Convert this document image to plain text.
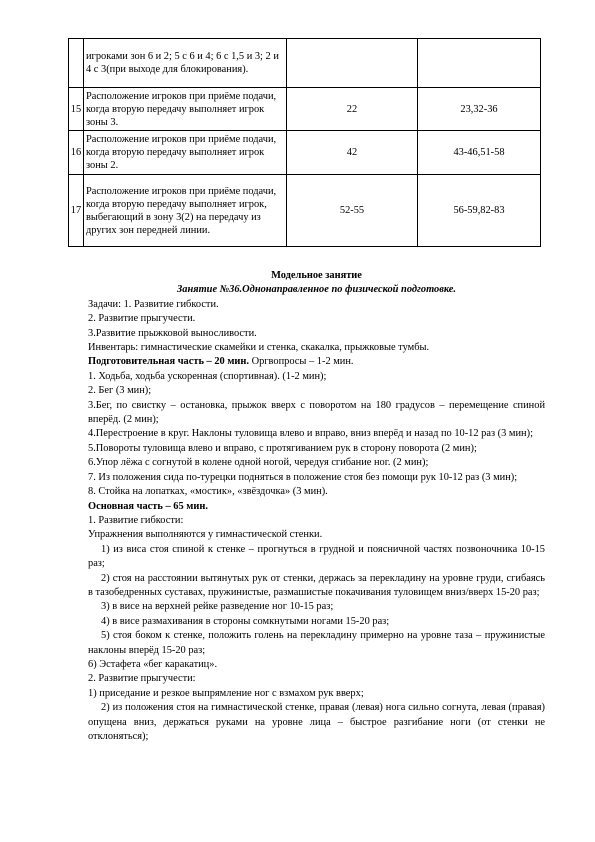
	игроками зон 6 и 2; 5 с 6 и 4; 6 с 1,5 и 3; 2 и 4 с 3(при выходе для блокирования).		
15	Расположение игроков при приёме подачи, когда вторую передачу выполняет игрок зоны 3.	22	23,32-36
16	Расположение игроков при приёме подачи, когда вторую передачу выполняет игрок зоны 2.	42	43-46,51-58
17	Расположение игроков при приёме подачи, когда вторую передачу выполняет игрок, выбегающий в зону 3(2) на передачу из других зон передней линии.	52-55	56-59,82-83

Модельное занятие

Занятие №36.Однонаправленное по физической подготовке.

Задачи: 1. Развитие гибкости.

2. Развитие прыгучести.

3.Развитие прыжковой выносливости.

Инвентарь: гимнастические скамейки и стенка, скакалка, прыжковые тумбы.

Подготовительная часть – 20 мин. Оргвопросы – 1-2 мин.

1. Ходьба, ходьба ускоренная (спортивная). (1-2 мин);

2. Бег (3 мин);

3.Бег, по свистку – остановка, прыжок вверх с поворотом на 180 градусов – перемещение спиной вперёд. (2 мин);

4.Перестроение в круг. Наклоны туловища влево и вправо, вниз вперёд и назад по 10-12 раз (3 мин);

5.Повороты туловища влево и вправо, с протягиванием рук в сторону поворота (2 мин);

6.Упор лёжа с согнутой в колене одной ногой, чередуя сгибание ног. (2 мин);

7. Из положения сида по-турецки подняться в положение стоя без помощи рук 10-12 раз (3 мин);

8. Стойка на лопатках, «мостик», «звёздочка» (3 мин).

Основная часть – 65 мин.

1. Развитие гибкости:

Упражнения выполняются у гимнастической стенки.

1) из виса стоя спиной к стенке – прогнуться в грудной и поясничной частях позвоночника 10-15 раз;

2) стоя на расстоянии вытянутых рук от стенки, держась за перекладину на уровне груди, сгибаясь в тазобедренных суставах, пружинистые, размашистые покачивания туловищем вниз/вверх 15-20 раз;

3) в висе на верхней рейке разведение ног 10-15 раз;

4) в висе размахивания в стороны сомкнутыми ногами 15-20 раз;

5) стоя боком к стенке, положить голень на перекладину примерно на уровне таза – пружинистые наклоны вперёд 15-20 раз;

6) Эстафета «бег каракатиц».

2. Развитие прыгучести:

1) приседание и резкое выпрямление ног с взмахом рук вверх;

2) из положения стоя на гимнастической стенке, правая (левая) нога сильно согнута, левая (правая) опущена вниз, держаться руками на уровне лица – быстрое разгибание ноги (от стенки не отклоняться);
